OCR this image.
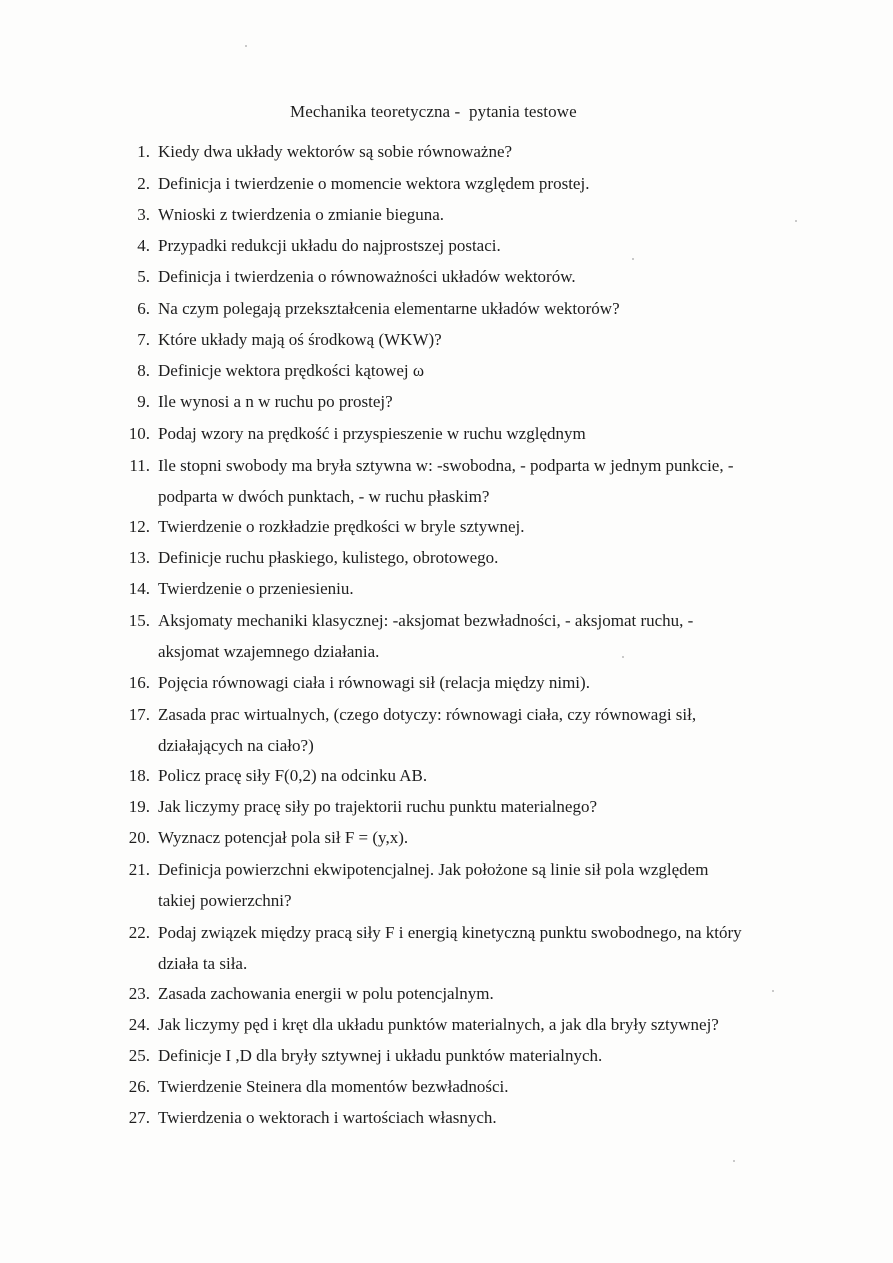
Mechanika teoretyczna -  pytania testowe
1. Kiedy dwa układy wektorów są sobie równoważne?
2. Definicja i twierdzenie o momencie wektora względem prostej.
3. Wnioski z twierdzenia o zmianie bieguna.
4. Przypadki redukcji układu do najprostszej postaci.
5. Definicja i twierdzenia o równoważności układów wektorów.
6. Na czym polegają przekształcenia elementarne układów wektorów?
7. Które układy mają oś środkową (WKW)?
8. Definicje wektora prędkości kątowej ω
9. Ile wynosi a n w ruchu po prostej?
10. Podaj wzory na prędkość i przyspieszenie w ruchu względnym
11. Ile stopni swobody ma bryła sztywna w: -swobodna, - podparta w jednym punkcie, -
podparta w dwóch punktach, - w ruchu płaskim?
12. Twierdzenie o rozkładzie prędkości w bryle sztywnej.
13. Definicje ruchu płaskiego, kulistego, obrotowego.
14. Twierdzenie o przeniesieniu.
15. Aksjomaty mechaniki klasycznej: -aksjomat bezwładności, - aksjomat ruchu, -
aksjomat wzajemnego działania.
16. Pojęcia równowagi ciała i równowagi sił (relacja między nimi).
17. Zasada prac wirtualnych, (czego dotyczy: równowagi ciała, czy równowagi sił,
działających na ciało?)
18. Policz pracę siły F(0,2) na odcinku AB.
19. Jak liczymy pracę siły po trajektorii ruchu punktu materialnego?
20. Wyznacz potencjał pola sił F = (y,x).
21. Definicja powierzchni ekwipotencjalnej. Jak położone są linie sił pola względem
takiej powierzchni?
22. Podaj związek między pracą siły F i energią kinetyczną punktu swobodnego, na który
działa ta siła.
23. Zasada zachowania energii w polu potencjalnym.
24. Jak liczymy pęd i kręt dla układu punktów materialnych, a jak dla bryły sztywnej?
25. Definicje I ,D dla bryły sztywnej i układu punktów materialnych.
26. Twierdzenie Steinera dla momentów bezwładności.
27. Twierdzenia o wektorach i wartościach własnych.
